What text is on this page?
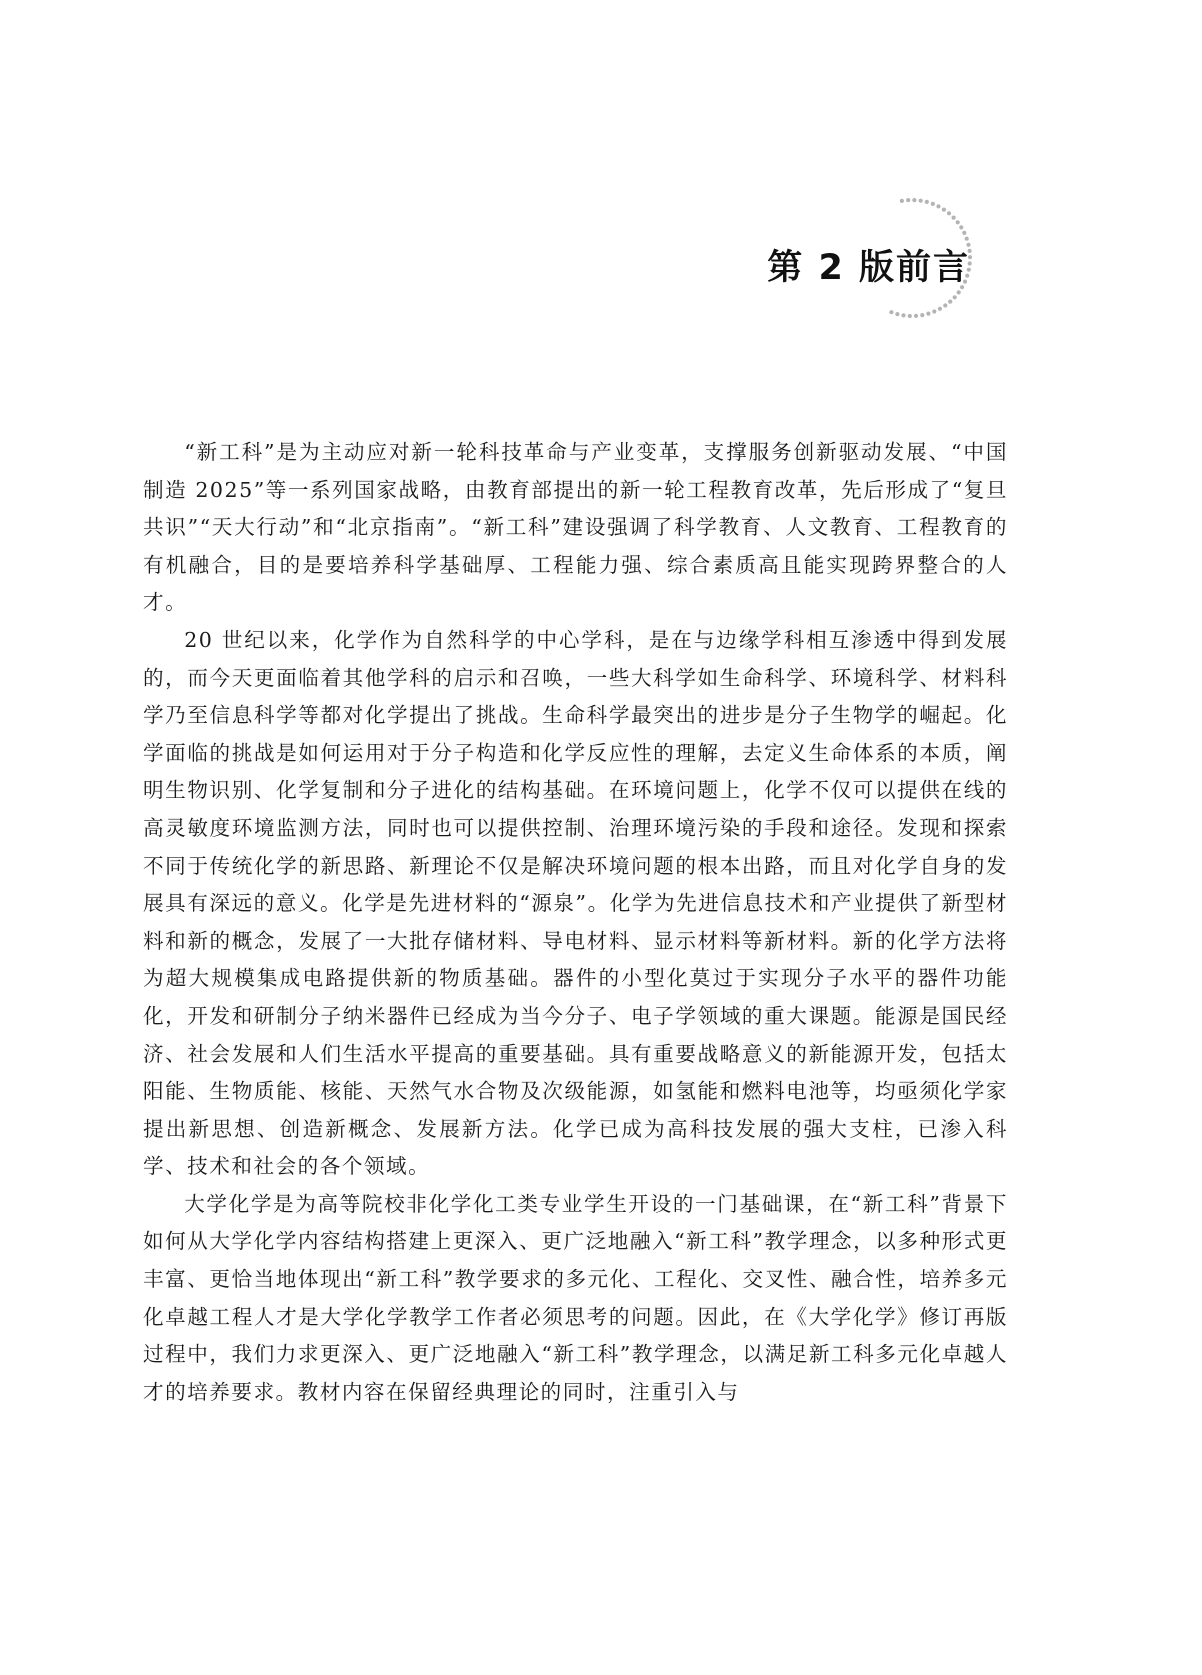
第 2 版前言

“新工科”是为主动应对新一轮科技革命与产业变革，支撑服务创新驱动发展、“中国制造 2025”等一系列国家战略，由教育部提出的新一轮工程教育改革，先后形成了“复旦共识”“天大行动”和“北京指南”。“新工科”建设强调了科学教育、人文教育、工程教育的有机融合，目的是要培养科学基础厚、工程能力强、综合素质高且能实现跨界整合的人才。

20 世纪以来，化学作为自然科学的中心学科，是在与边缘学科相互渗透中得到发展的，而今天更面临着其他学科的启示和召唤，一些大科学如生命科学、环境科学、材料科学乃至信息科学等都对化学提出了挑战。生命科学最突出的进步是分子生物学的崛起。化学面临的挑战是如何运用对于分子构造和化学反应性的理解，去定义生命体系的本质，阐明生物识别、化学复制和分子进化的结构基础。在环境问题上，化学不仅可以提供在线的高灵敏度环境监测方法，同时也可以提供控制、治理环境污染的手段和途径。发现和探索不同于传统化学的新思路、新理论不仅是解决环境问题的根本出路，而且对化学自身的发展具有深远的意义。化学是先进材料的“源泉”。化学为先进信息技术和产业提供了新型材料和新的概念，发展了一大批存储材料、导电材料、显示材料等新材料。新的化学方法将为超大规模集成电路提供新的物质基础。器件的小型化莫过于实现分子水平的器件功能化，开发和研制分子纳米器件已经成为当今分子、电子学领域的重大课题。能源是国民经济、社会发展和人们生活水平提高的重要基础。具有重要战略意义的新能源开发，包括太阳能、生物质能、核能、天然气水合物及次级能源，如氢能和燃料电池等，均亟须化学家提出新思想、创造新概念、发展新方法。化学已成为高科技发展的强大支柱，已渗入科学、技术和社会的各个领域。

大学化学是为高等院校非化学化工类专业学生开设的一门基础课，在“新工科”背景下如何从大学化学内容结构搭建上更深入、更广泛地融入“新工科”教学理念，以多种形式更丰富、更恰当地体现出“新工科”教学要求的多元化、工程化、交叉性、融合性，培养多元化卓越工程人才是大学化学教学工作者必须思考的问题。因此，在《大学化学》修订再版过程中，我们力求更深入、更广泛地融入“新工科”教学理念，以满足新工科多元化卓越人才的培养要求。教材内容在保留经典理论的同时，注重引入与
